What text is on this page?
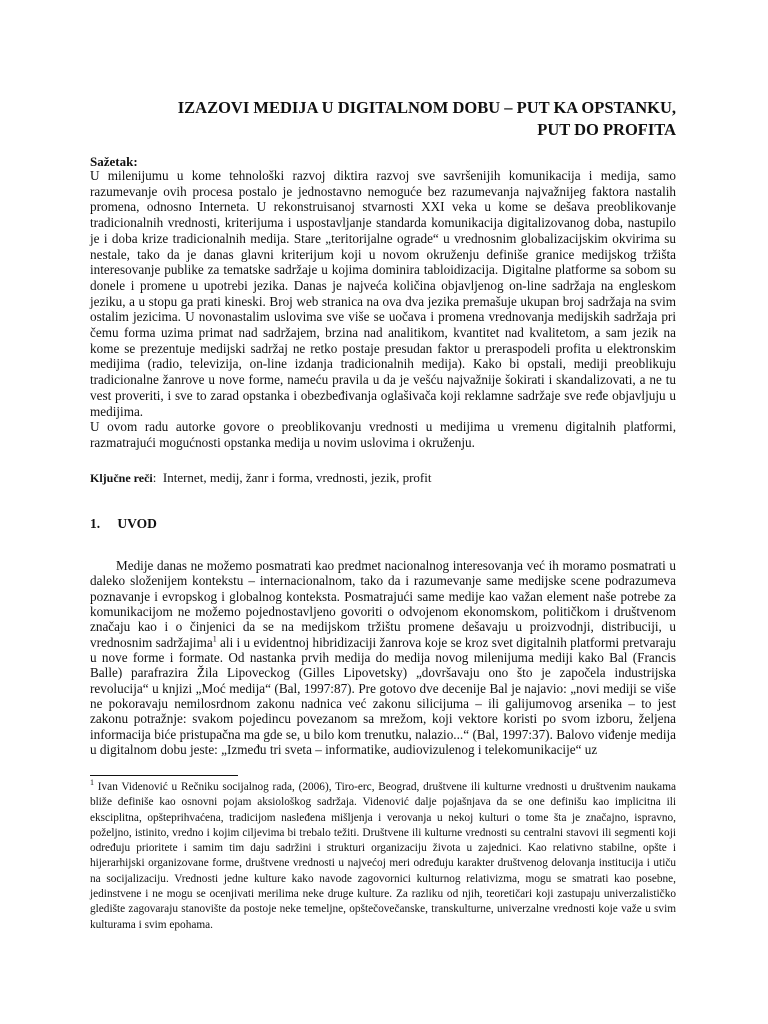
IZAZOVI MEDIJA U DIGITALNOM DOBU – PUT KA OPSTANKU,
PUT DO PROFITA
Sažetak:

U milenijumu u kome tehnološki razvoj diktira razvoj sve savršenijih komunikacija i medija, samo razumevanje ovih procesa postalo je jednostavno nemoguće bez razumevanja najvažnijeg faktora nastalih promena, odnosno Interneta. U rekonstruisanoj stvarnosti XXI veka u kome se dešava preoblikovanje tradicionalnih vrednosti, kriterijuma i uspostavljanje standarda komunikacija digitalizovanog doba, nastupilo je i doba krize tradicionalnih medija. Stare „teritorijalne ograde“ u vrednosnim globalizacijskim okvirima su nestale, tako da je danas glavni kriterijum koji u novom okruženju definiše granice medijskog tržišta interesovanje publike za tematske sadržaje u kojima dominira tabloidizacija. Digitalne platforme sa sobom su donele i promene u upotrebi jezika. Danas je najveća količina objavljenog on-line sadržaja na engleskom jeziku, a u stopu ga prati kineski. Broj web stranica na ova dva jezika premašuje ukupan broj sadržaja na svim ostalim jezicima. U novonastalim uslovima sve više se uočava i promena vrednovanja medijskih sadržaja pri čemu forma uzima primat nad sadržajem, brzina nad analitikom, kvantitet nad kvalitetom, a sam jezik na kome se prezentuje medijski sadržaj ne retko postaje presudan faktor u preraspodeli profita u elektronskim medijima (radio, televizija, on-line izdanja tradicionalnih medija). Kako bi opstali, mediji preoblikuju tradicionalne žanrove u nove forme, nameću pravila u da je vešću najvažnije šokirati i skandalizovati, a ne tu vest proveriti, i sve to zarad opstanka i obezbeđivanja oglašivača koji reklamne sadržaje sve ređe objavljuju u medijima.

U ovom radu autorke govore o preoblikovanju vrednosti u medijima u vremenu digitalnih platformi, razmatrajući mogućnosti opstanka medija u novim uslovima i okruženju.

Ključne reči: Internet, medij, žanr i forma, vrednosti, jezik, profit
1. UVOD

Medije danas ne možemo posmatrati kao predmet nacionalnog interesovanja već ih moramo posmatrati u daleko složenijem kontekstu – internacionalnom, tako da i razumevanje same medijske scene podrazumeva poznavanje i evropskog i globalnog konteksta. Posmatrajući same medije kao važan element naše potrebe za komunikacijom ne možemo pojednostavljeno govoriti o odvojenom ekonomskom, političkom i društvenom značaju kao i o činjenici da se na medijskom tržištu promene dešavaju u proizvodnji, distribuciji, u vrednosnim sadržajima$^1$ ali i u evidentnoj hibridizaciji žanrova koje se kroz svet digitalnih platformi pretvaraju u nove forme i formate. Od nastanka prvih medija do medija novog milenijuma mediji kako Bal (Francis Balle) parafrazira Žila Lipoveckog (Gilles Lipovetsky) „dovršavaju ono što je započela industrijska revolucija“ u knjizi „Moć medija“ (Bal, 1997:87). Pre gotovo dve decenije Bal je najavio: „novi mediji se više ne pokoravaju nemilosrdnom zakonu nadnica već zakonu silicijuma – ili galijumovog arsenika – to jest zakonu potražnje: svakom pojedincu povezanom sa mrežom, koji vektore koristi po svom izboru, željena informacija biće pristupačna ma gde se, u bilo kom trenutku, nalazio...“ (Bal, 1997:37). Balovo viđenje medija u digitalnom dobu jeste: „Između tri sveta – informatike, audiovizulenog i telekomunikacije“ uz

$^1$ Ivan Videnović u Rečniku socijalnog rada, (2006), Tiro-erc, Beograd, društvene ili kulturne vrednosti u društvenim naukama bliže definiše kao osnovni pojam aksiološkog sadržaja. Videnović dalje pojašnjava da se one definišu kao implicitna ili eksciplitna, opšteprihvaćena, tradicijom nasleđena mišljenja i verovanja u nekoj kulturi o tome šta je značajno, ispravno, poželjno, istinito, vredno i kojim ciljevima bi trebalo težiti. Društvene ili kulturne vrednosti su centralni stavovi ili segmenti koji određuju prioritete i samim tim daju sadržini i strukturi organizaciju života u zajednici. Kao relativno stabilne, opšte i hijerarhijski organizovane forme, društvene vrednosti u najvećoj meri određuju karakter društvenog delovanja institucija i utiču na socijalizaciju. Vrednosti jedne kulture kako navode zagovornici kulturnog relativizma, mogu se smatrati kao posebne, jedinstvene i ne mogu se ocenjivati merilima neke druge kulture. Za razliku od njih, teoretičari koji zastupaju univerzalističko gledište zagovaraju stanovište da postoje neke temeljne, opštečovečanske, transkulturne, univerzalne vrednosti koje važe u svim kulturama i svim epohama.
